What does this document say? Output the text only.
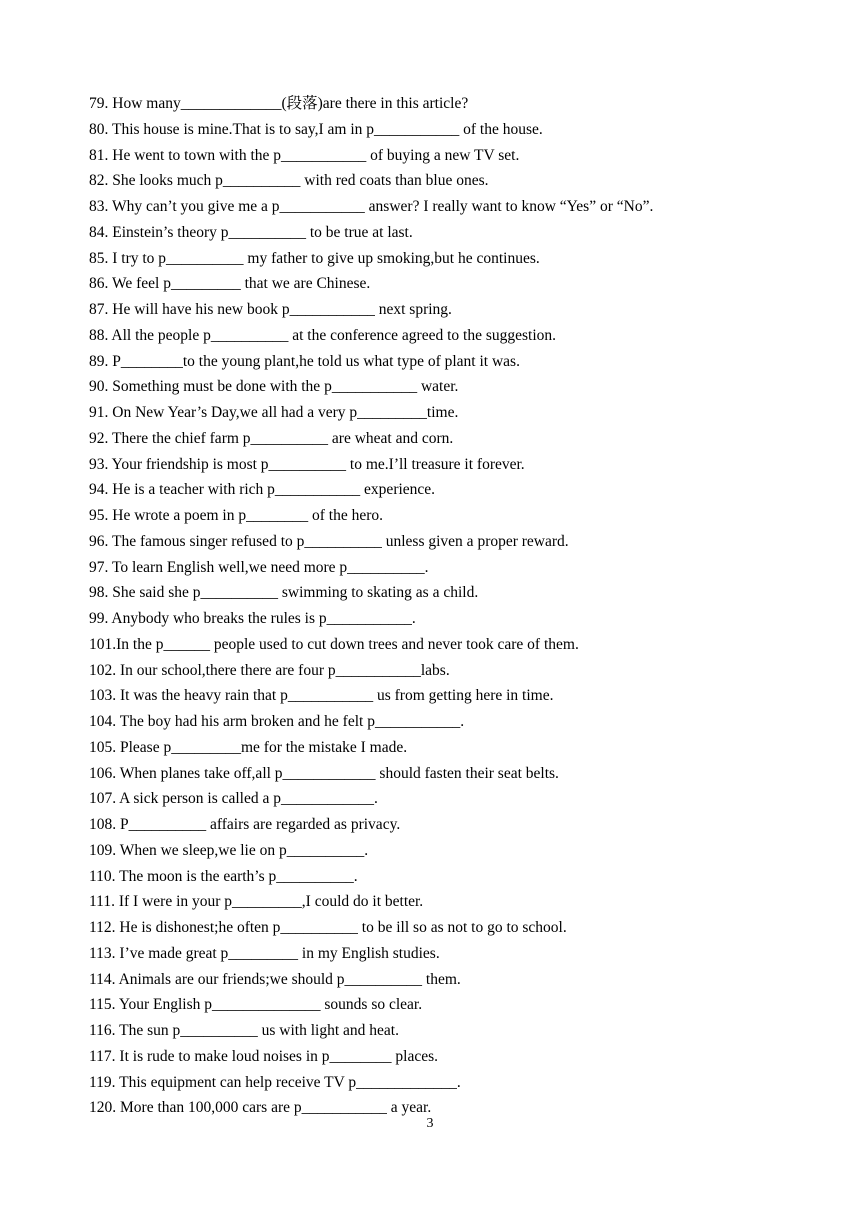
79. How many_____________(段落)are there in this article?
80. This house is mine.That is to say,I am in p___________ of the house.
81. He went to town with the p___________ of buying a new TV set.
82. She looks much p__________ with red coats than blue ones.
83. Why can’t you give me a p___________ answer? I really want to know “Yes” or “No”.
84. Einstein’s theory p__________ to be true at last.
85. I try to p__________ my father to give up smoking,but he continues.
86. We feel p_________ that we are Chinese.
87. He will have his new book p___________ next spring.
88. All the people p__________ at the conference agreed to the suggestion.
89. P________to the young plant,he told us what type of plant it was.
90. Something must be done with the p___________ water.
91. On New Year’s Day,we all had a very p_________time.
92. There the chief farm p__________ are wheat and corn.
93. Your friendship is most p__________ to me.I’ll treasure it forever.
94. He is a teacher with rich p___________ experience.
95. He wrote a poem in p________ of the hero.
96. The famous singer refused to p__________ unless given a proper reward.
97. To learn English well,we need more p__________.
98. She said she p__________ swimming to skating as a child.
99. Anybody who breaks the rules is p___________.
101.In the p______ people used to cut down trees and never took care of them.
102. In our school,there there are four p___________labs.
103. It was the heavy rain that p___________ us from getting here in time.
104. The boy had his arm broken and he felt p___________.
105. Please p_________me for the mistake I made.
106. When planes take off,all p____________ should fasten their seat belts.
107. A sick person is called a p____________.
108. P__________ affairs are regarded as privacy.
109. When we sleep,we lie on p__________.
110. The moon is the earth’s p__________.
111. If I were in your p_________,I could do it better.
112. He is dishonest;he often p__________ to be ill so as not to go to school.
113. I’ve made great p_________ in my English studies.
114. Animals are our friends;we should p__________ them.
115. Your English p______________ sounds so clear.
116. The sun p__________ us with light and heat.
117. It is rude to make loud noises in p________ places.
119. This equipment can help receive TV p_____________.
120. More than 100,000 cars are p___________ a year.
3
